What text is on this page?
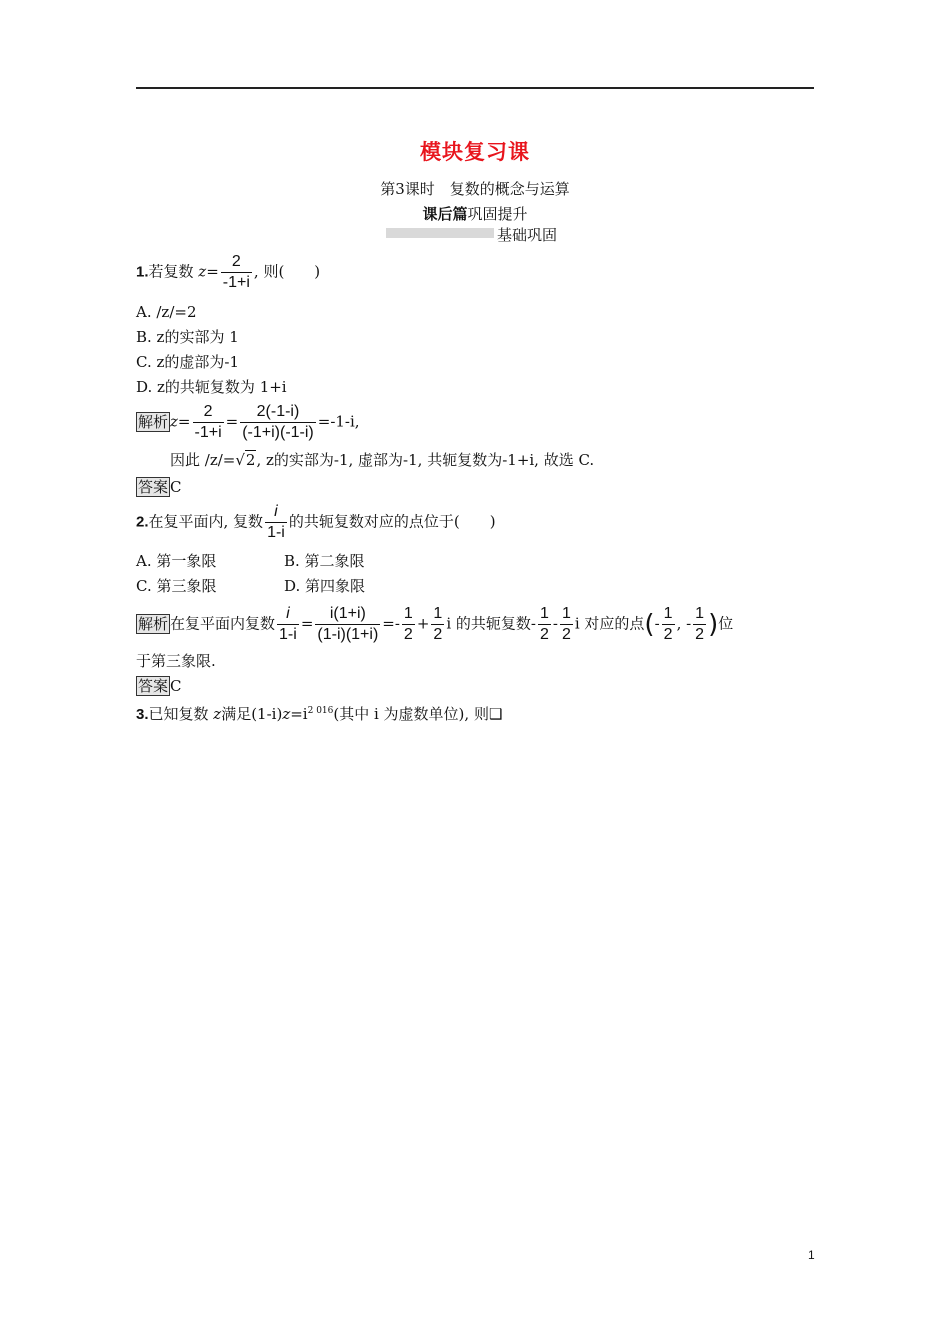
模块复习课
第3课时　复数的概念与运算
课后篇巩固提升
基础巩固
1.若复数 $z= \frac{2}{-1+i}$ , 则(　　)
A. /z/=2
B. z的实部为 1
C. z的虚部为-1
D. z的共轭复数为 1+i
解析 $z= \frac{2}{-1+i} = \frac{2(-1-i)}{(-1+i)(-1-i)} =-1-i$,
因此 /z/=√2, z的实部为-1, 虚部为-1, 共轭复数为-1+i, 故选 C.
答案 C
2.在复平面内, 复数 $\frac{i}{1-i}$ 的共轭复数对应的点位于(　　)
A. 第一象限	B. 第二象限
C. 第三象限	D. 第四象限
解析 在复平面内复数 $\frac{i}{1-i} = \frac{i(1+i)}{(1-i)(1+i)} =- \frac{1}{2} + \frac{1}{2}$ i 的共轭复数- $\frac{1}{2} - \frac{1}{2}$ i 对应的点(- $\frac{1}{2}$ , - $\frac{1}{2}$ )位
于第三象限.
答案 C
3.已知复数 z满足$(1-i)z=i^{2 016}$(其中 i 为虚数单位), 则❑
1
